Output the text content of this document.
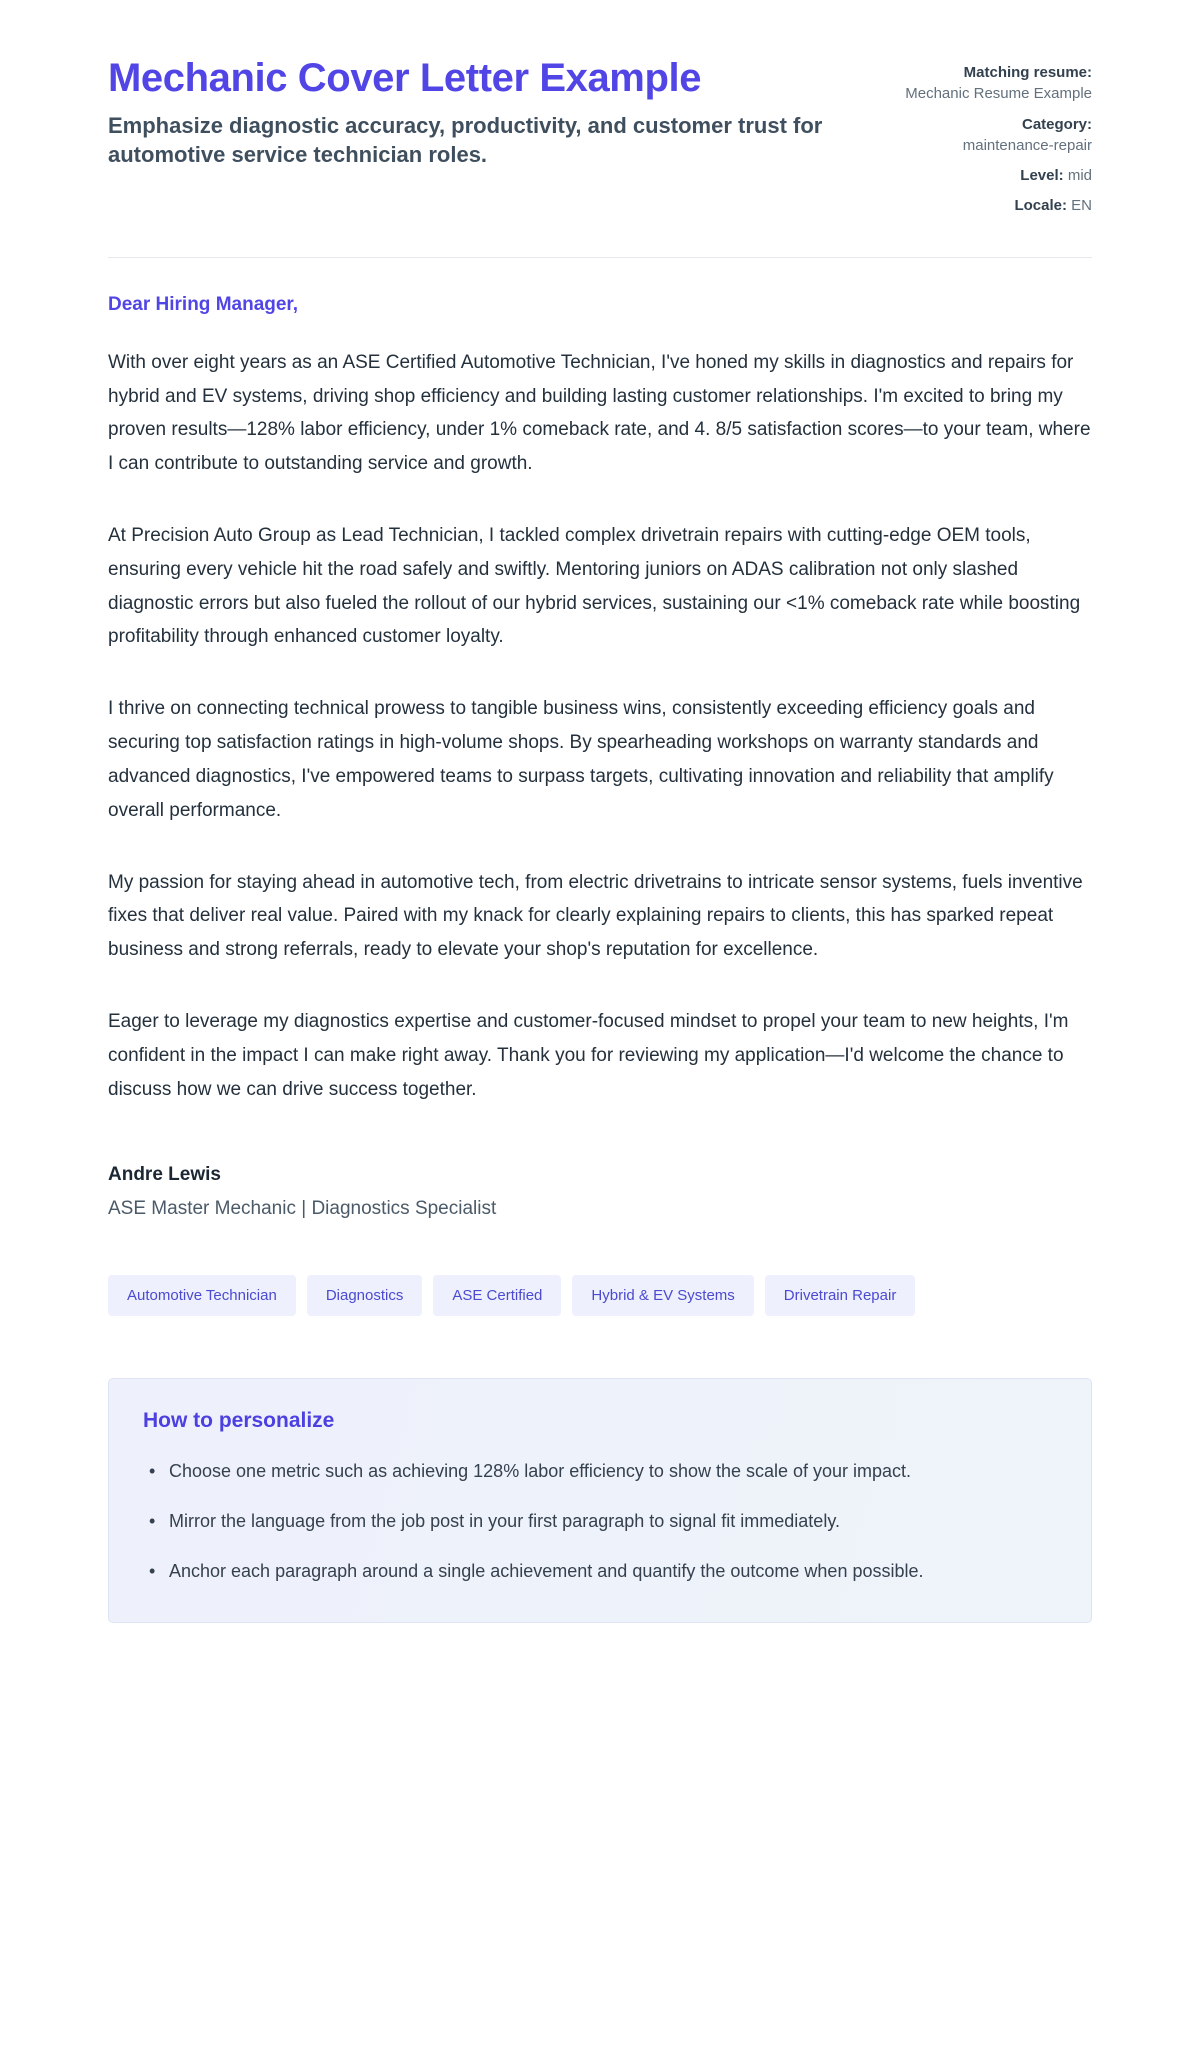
Mechanic Cover Letter Example

Emphasize diagnostic accuracy, productivity, and customer trust for automotive service technician roles.

Matching resume:
Mechanic Resume Example
Category:
maintenance-repair
Level: mid
Locale: EN

Dear Hiring Manager,

With over eight years as an ASE Certified Automotive Technician, I've honed my skills in diagnostics and repairs for hybrid and EV systems, driving shop efficiency and building lasting customer relationships. I'm excited to bring my proven results—128% labor efficiency, under 1% comeback rate, and 4. 8/5 satisfaction scores—to your team, where I can contribute to outstanding service and growth.

At Precision Auto Group as Lead Technician, I tackled complex drivetrain repairs with cutting-edge OEM tools, ensuring every vehicle hit the road safely and swiftly. Mentoring juniors on ADAS calibration not only slashed diagnostic errors but also fueled the rollout of our hybrid services, sustaining our <1% comeback rate while boosting profitability through enhanced customer loyalty.

I thrive on connecting technical prowess to tangible business wins, consistently exceeding efficiency goals and securing top satisfaction ratings in high-volume shops. By spearheading workshops on warranty standards and advanced diagnostics, I've empowered teams to surpass targets, cultivating innovation and reliability that amplify overall performance.

My passion for staying ahead in automotive tech, from electric drivetrains to intricate sensor systems, fuels inventive fixes that deliver real value. Paired with my knack for clearly explaining repairs to clients, this has sparked repeat business and strong referrals, ready to elevate your shop's reputation for excellence.

Eager to leverage my diagnostics expertise and customer-focused mindset to propel your team to new heights, I'm confident in the impact I can make right away. Thank you for reviewing my application—I'd welcome the chance to discuss how we can drive success together.

Andre Lewis

ASE Master Mechanic | Diagnostics Specialist

Automotive Technician	Diagnostics	ASE Certified	Hybrid & EV Systems	Drivetrain Repair
How to personalize
• Choose one metric such as achieving 128% labor efficiency to show the scale of your impact.
• Mirror the language from the job post in your first paragraph to signal fit immediately.
• Anchor each paragraph around a single achievement and quantify the outcome when possible.
